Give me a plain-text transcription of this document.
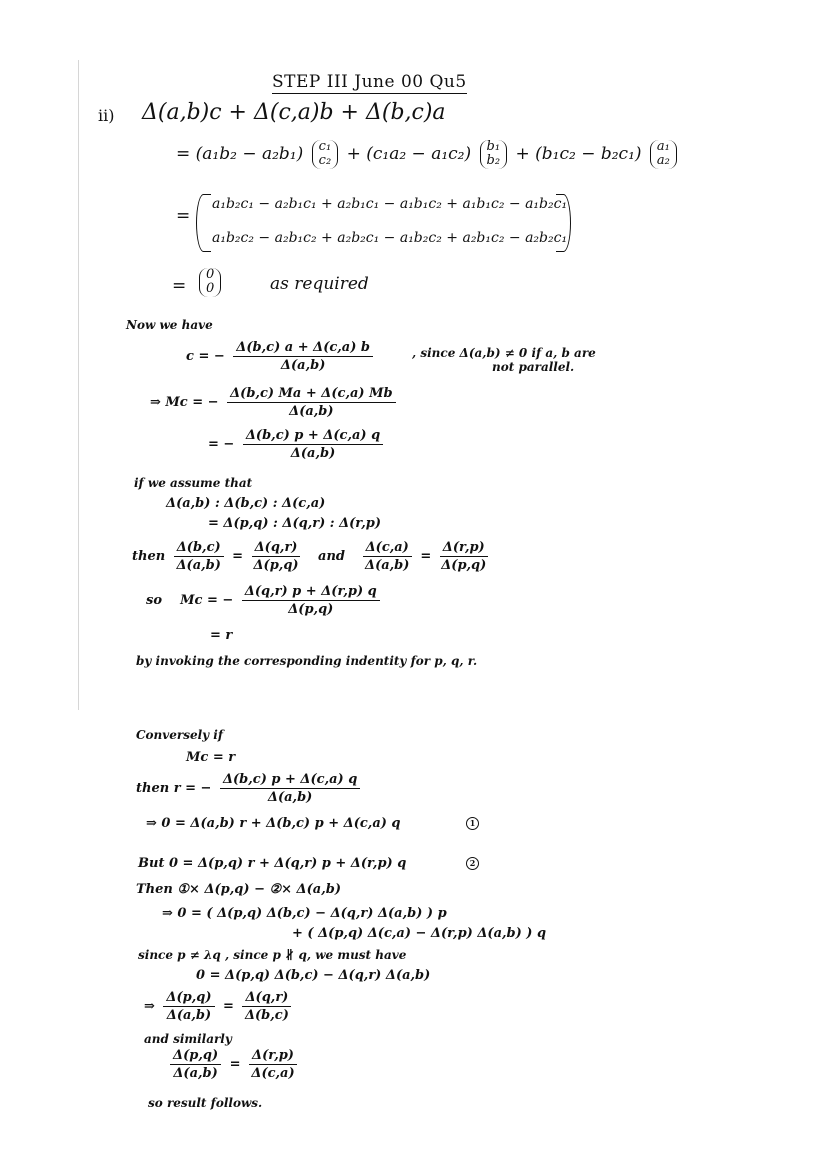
STEP III June 00 Qu5
ii) Δ(a,b)c + Δ(c,a)b + Δ(b,c)a
= (a₁b₂ − a₂b₁) c₁
c₂ + (c₁a₂ − a₁c₂) b₁
b₂ + (b₁c₂ − b₂c₁) a₁
a₂
=
a₁b₂c₁ − a₂b₁c₁ + a₂b₁c₁ − a₁b₁c₂ + a₁b₁c₂ − a₁b₂c₁
a₁b₂c₂ − a₂b₁c₂ + a₂b₂c₁ − a₁b₂c₂ + a₂b₁c₂ − a₂b₂c₁
=
0
0	as required
Now we have
c = − $\frac{\Delta(b,c) a + \Delta(c,a) b}{\Delta(a,b)}$	, since Δ(a,b) ≠ 0 if a, b are
not parallel.
⇒ Mc = − $\frac{\Delta(b,c) Ma + \Delta(c,a) Mb}{\Delta(a,b)}$
= − $\frac{\Delta(b,c) p + \Delta(c,a) q}{\Delta(a,b)}$
if we assume that
Δ(a,b) : Δ(b,c) : Δ(c,a)
= Δ(p,q) : Δ(q,r) : Δ(r,p)
then $\frac{\Delta(b,c)}{\Delta(a,b)} = \frac{\Delta(q,r)}{\Delta(p,q)}$ and $\frac{\Delta(c,a)}{\Delta(a,b)} = \frac{\Delta(r,p)}{\Delta(p,q)}$
so Mc = − $\frac{\Delta(q,r) p + \Delta(r,p) q}{\Delta(p,q)}$
= r
by invoking the corresponding indentity for p, q, r.
Conversely if
Mc = r
then r = − $\frac{\Delta(b,c) p + \Delta(c,a) q}{\Delta(a,b)}$
⇒ 0 = Δ(a,b) r + Δ(b,c) p + Δ(c,a) q	1
But 0 = Δ(p,q) r + Δ(q,r) p + Δ(r,p) q	2
Then ①× Δ(p,q) − ②× Δ(a,b)
⇒ 0 = ( Δ(p,q) Δ(b,c) − Δ(q,r) Δ(a,b) ) p
+ ( Δ(p,q) Δ(c,a) − Δ(r,p) Δ(a,b) ) q
since p ≠ λq , since p ∦ q, we must have
0 = Δ(p,q) Δ(b,c) − Δ(q,r) Δ(a,b)
⇒ $\frac{\Delta(p,q)}{\Delta(a,b)} = \frac{\Delta(q,r)}{\Delta(b,c)}$
and similarly
$\frac{\Delta(p,q)}{\Delta(a,b)} = \frac{\Delta(r,p)}{\Delta(c,a)}$
so result follows.
